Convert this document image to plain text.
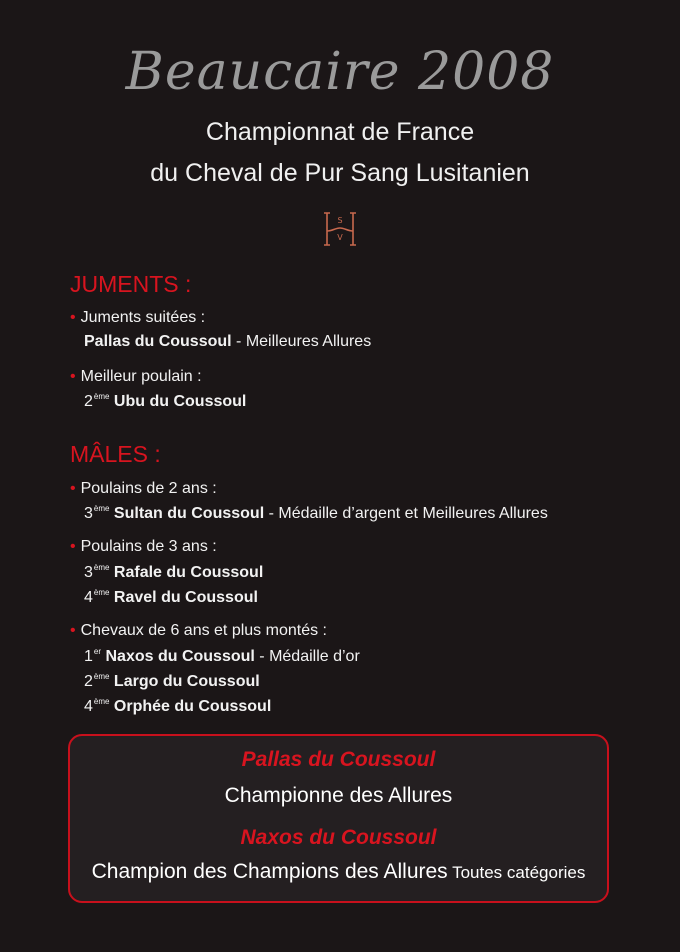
Beaucaire 2008
Championnat de France
du Cheval de Pur Sang Lusitanien
S
V
JUMENTS :
• Juments suitées :
Pallas du Coussoul - Meilleures Allures
• Meilleur poulain :
2ème Ubu du Coussoul
MÂLES :
• Poulains de 2 ans :
3ème Sultan du Coussoul - Médaille d’argent et Meilleures Allures
• Poulains de 3 ans :
3ème Rafale du Coussoul
4ème Ravel du Coussoul
• Chevaux de 6 ans et plus montés :
1er Naxos du Coussoul - Médaille d’or
2ème Largo du Coussoul
4ème Orphée du Coussoul
Pallas du Coussoul
Championne des Allures
Naxos du Coussoul
Champion des Champions des Allures Toutes catégories
